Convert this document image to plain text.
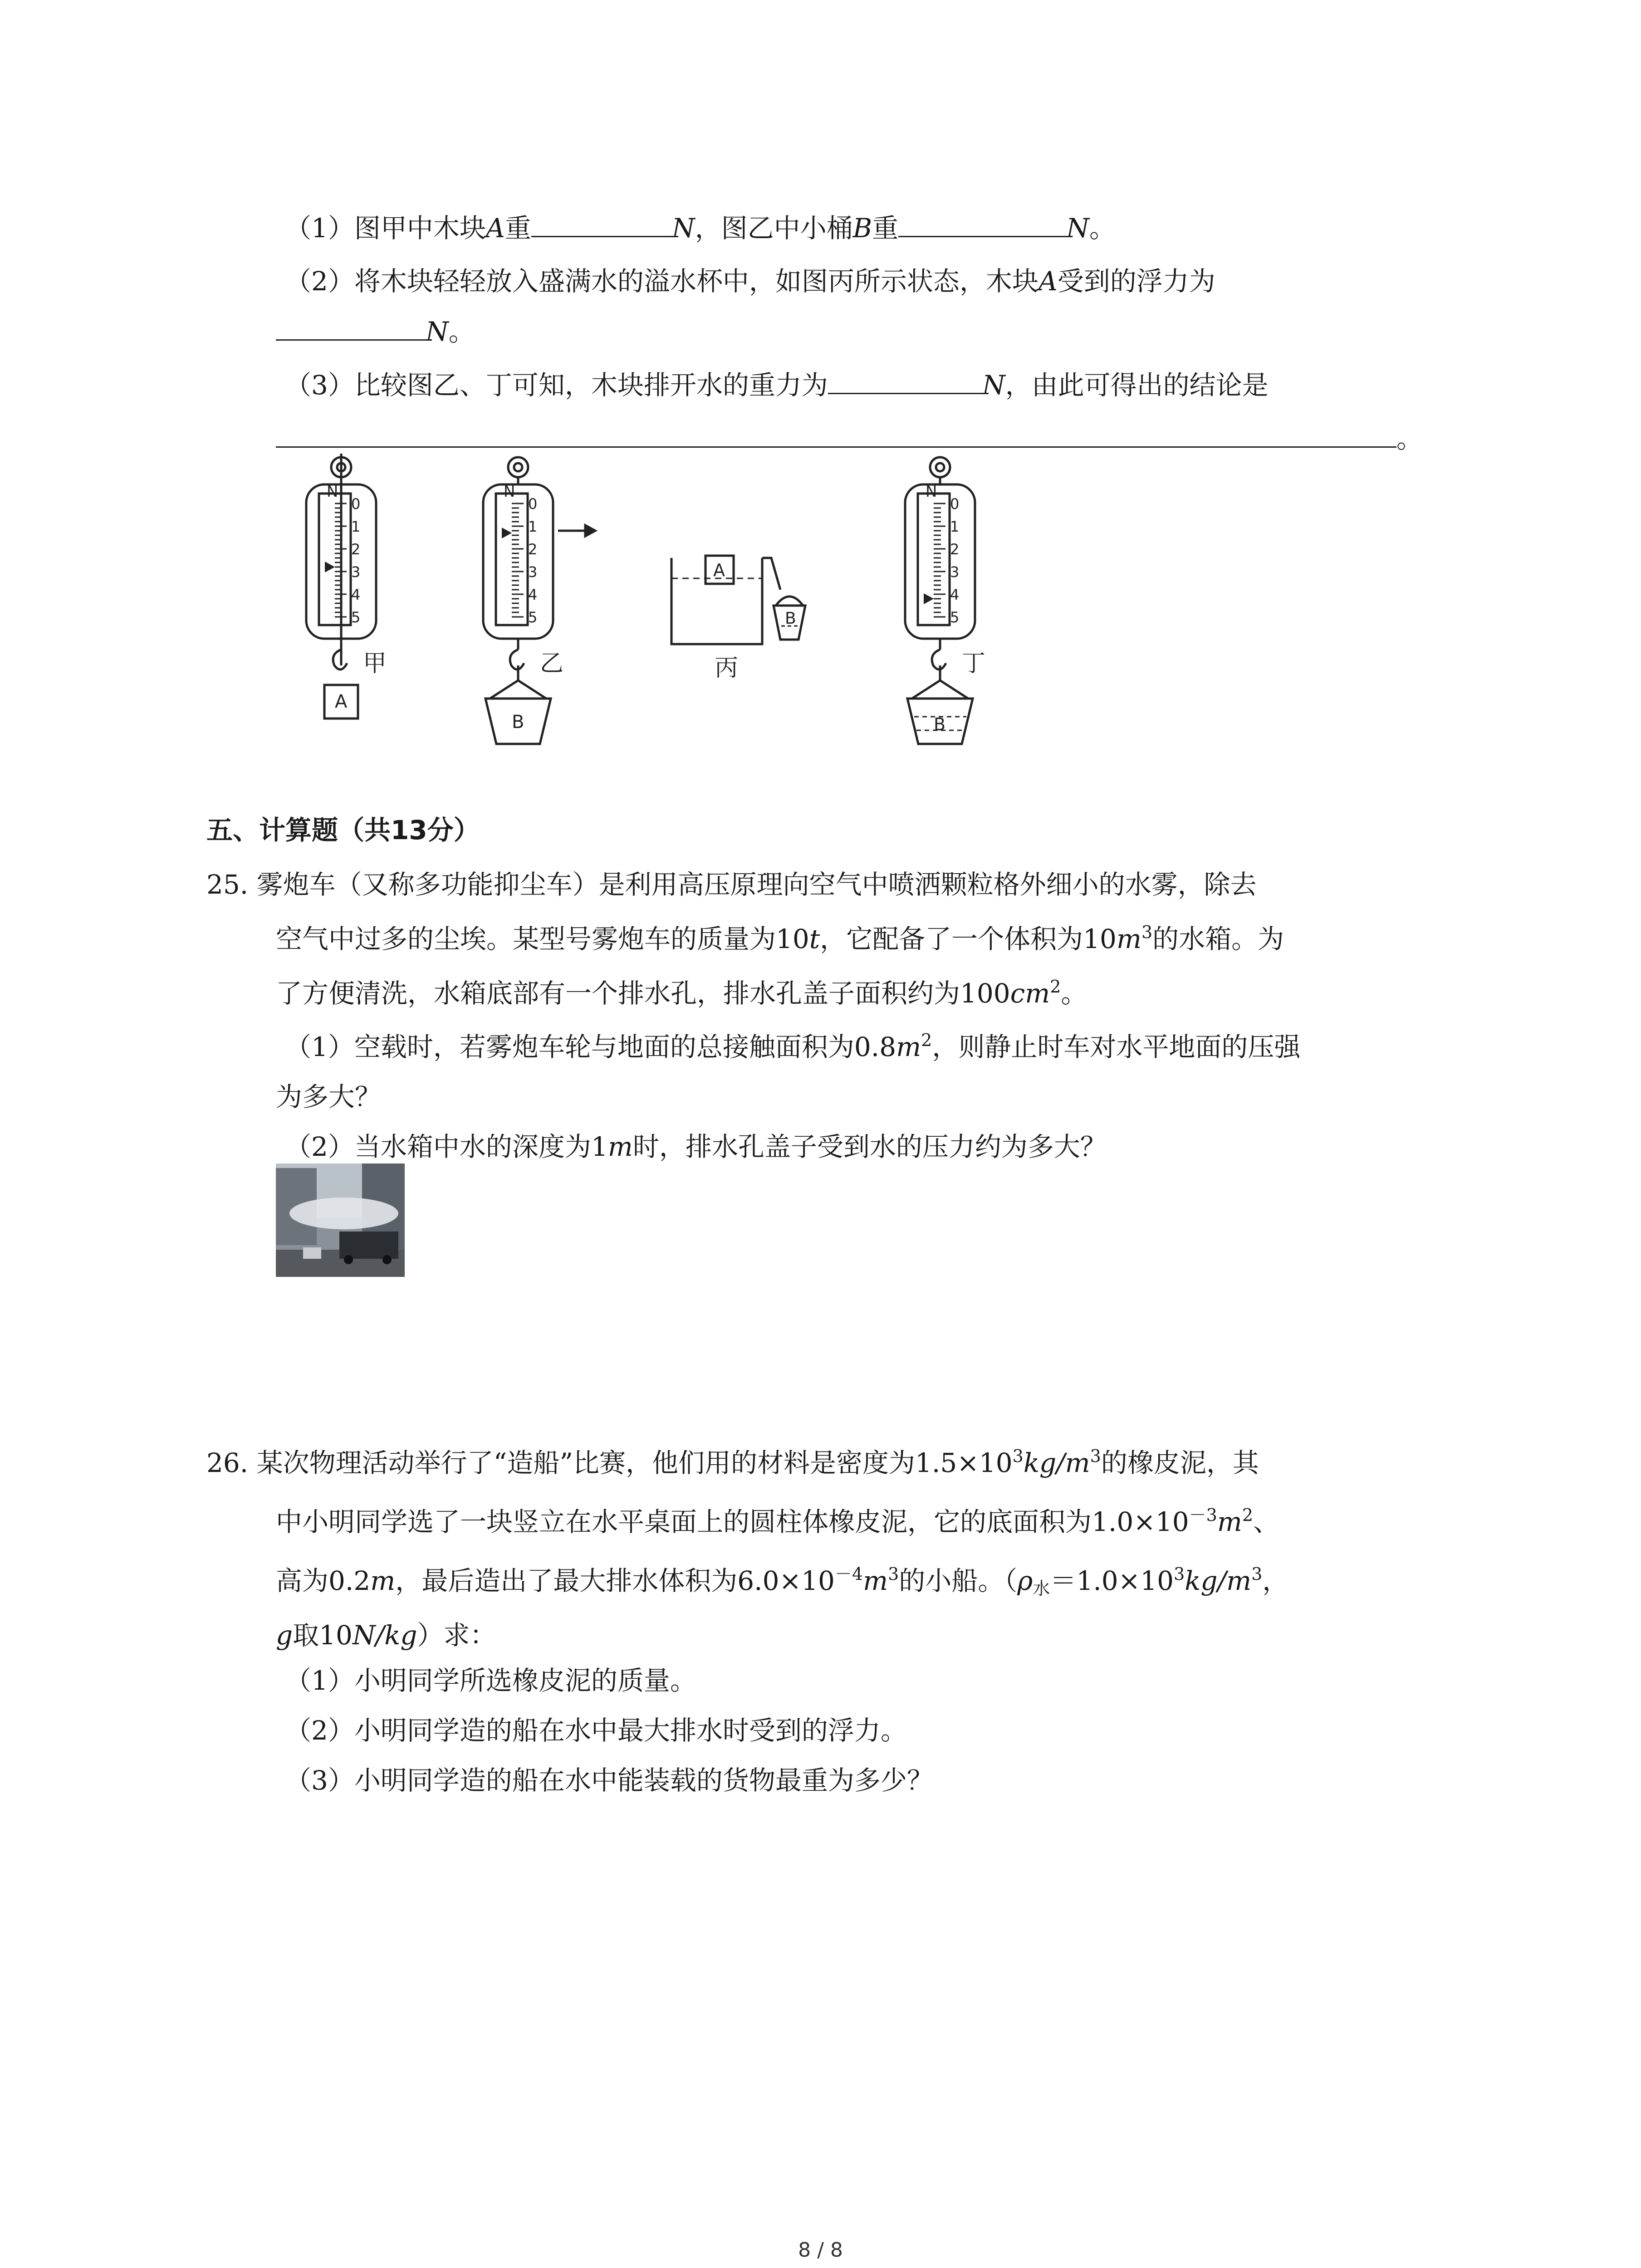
（1）图甲中木块A重	N，图乙中小桶B重	N。
（2）将木块轻轻放入盛满水的溢水杯中，如图丙所示状态，木块A受到的浮力为
N。
（3）比较图乙、丁可知，木块排开水的重力为	N，由此可得出的结论是
。
0
1
2
3
4
5
0
1
2
3
4
5
0
1
2
3
4
5
N	N	N
甲	乙	丙	丁
A
B
A
B
B
五、计算题（共13分）
25. 雾炮车（又称多功能抑尘车）是利用高压原理向空气中喷洒颗粒格外细小的水雾，除去
空气中过多的尘埃。某型号雾炮车的质量为10t，它配备了一个体积为$10m^3$的水箱。为
了方便清洗，水箱底部有一个排水孔，排水孔盖子面积约为$100cm^2$。
（1）空载时，若雾炮车轮与地面的总接触面积为$0.8m^2$，则静止时车对水平地面的压强
为多大？
（2）当水箱中水的深度为1m时，排水孔盖子受到水的压力约为多大？
26. 某次物理活动举行了“造船”比赛，他们用的材料是密度为$1.5\times 10^3kg/m^3$的橡皮泥，其
中小明同学选了一块竖立在水平桌面上的圆柱体橡皮泥，它的底面积为$1.0\times 10^{-3}m^2$、
高为0.2m，最后造出了最大排水体积为$6.0\times 10^{-4}m^3$的小船。（$\rho_水=1.0\times 10^3kg/m^3$，
g取10N/kg）求：
（1）小明同学所选橡皮泥的质量。
（2）小明同学造的船在水中最大排水时受到的浮力。
（3）小明同学造的船在水中能装载的货物最重为多少？
8 / 8
